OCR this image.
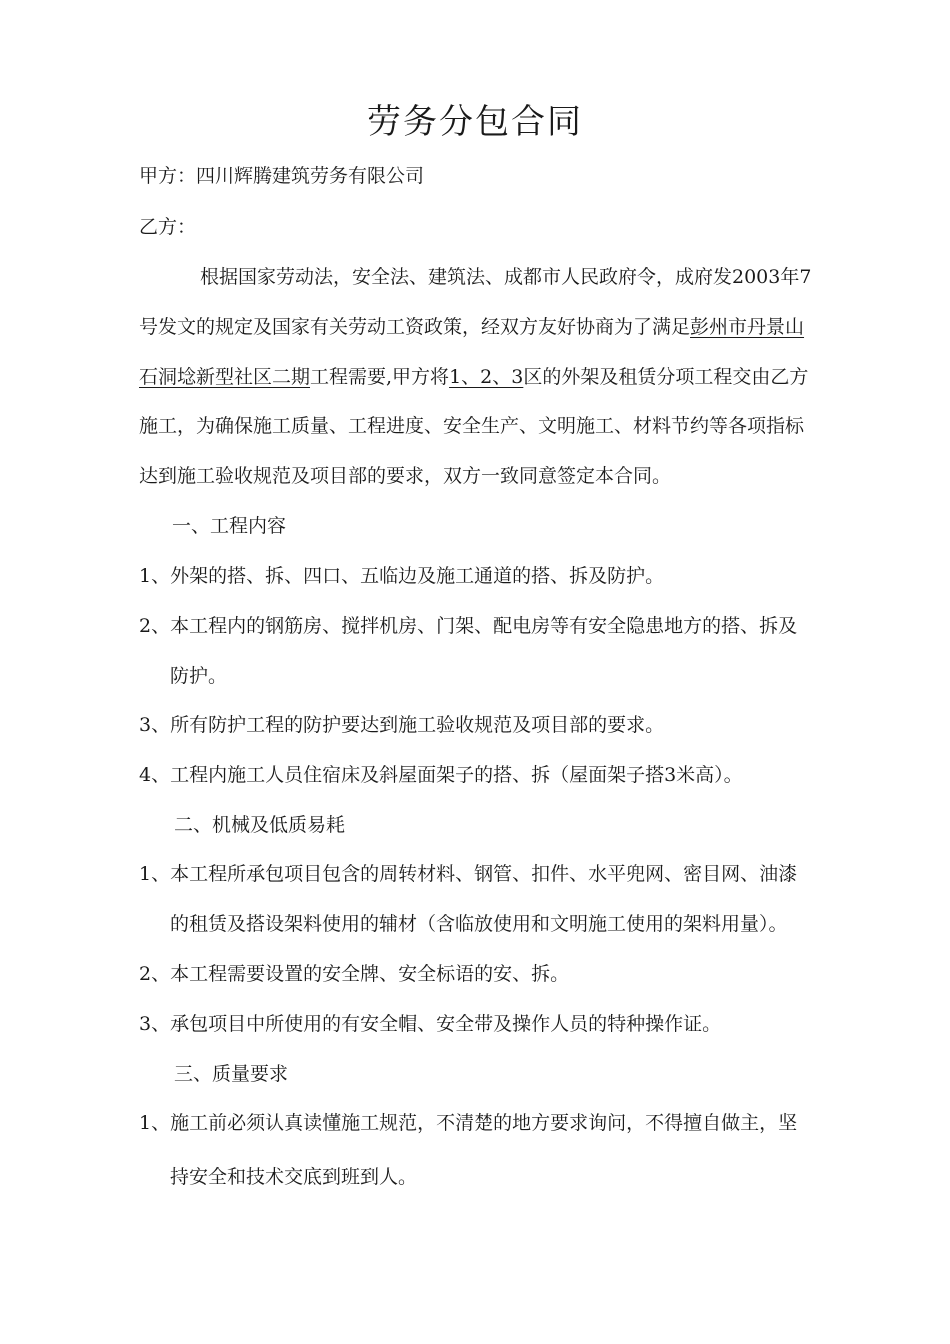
劳务分包合同
甲方：四川辉腾建筑劳务有限公司
乙方：
根据国家劳动法，安全法、建筑法、成都市人民政府令，成府发2003年7
号发文的规定及国家有关劳动工资政策，经双方友好协商为了满足彭州市丹景山
石洞埝新型社区二期工程需要,甲方将1、2、3区的外架及租赁分项工程交由乙方
施工，为确保施工质量、工程进度、安全生产、文明施工、材料节约等各项指标
达到施工验收规范及项目部的要求，双方一致同意签定本合同。
一、工程内容
1、外架的搭、拆、四口、五临边及施工通道的搭、拆及防护。
2、本工程内的钢筋房、搅拌机房、门架、配电房等有安全隐患地方的搭、拆及
防护。
3、所有防护工程的防护要达到施工验收规范及项目部的要求。
4、工程内施工人员住宿床及斜屋面架子的搭、拆（屋面架子搭3米高）。
二、机械及低质易耗
1、本工程所承包项目包含的周转材料、钢管、扣件、水平兜网、密目网、油漆
的租赁及搭设架料使用的辅材（含临放使用和文明施工使用的架料用量）。
2、本工程需要设置的安全牌、安全标语的安、拆。
3、承包项目中所使用的有安全帽、安全带及操作人员的特种操作证。
三、质量要求
1、施工前必须认真读懂施工规范，不清楚的地方要求询问，不得擅自做主，坚
持安全和技术交底到班到人。
